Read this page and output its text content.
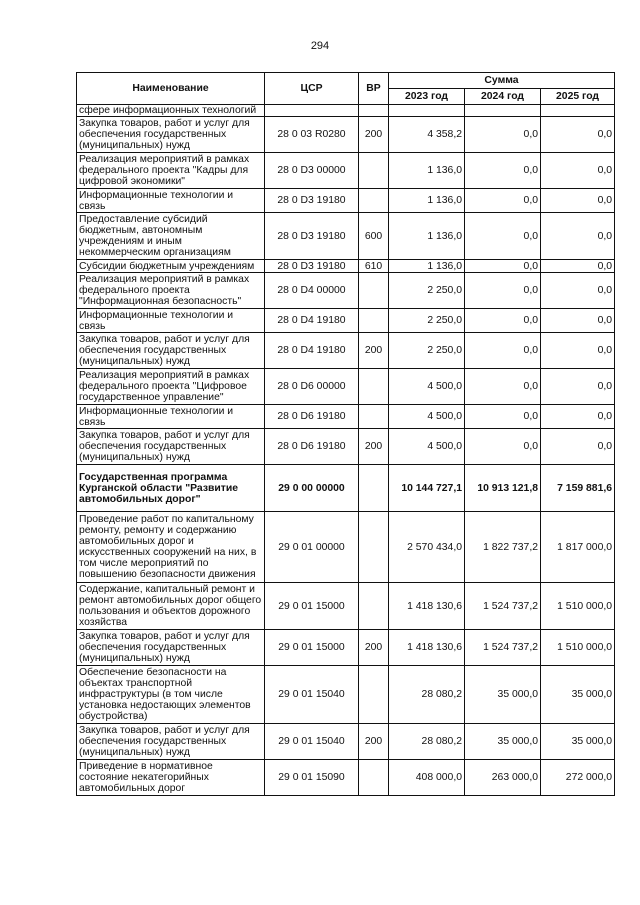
294
Наименование	ЦСР	ВР	Сумма		
			2023 год	2024 год	2025 год
сфере информационных технологий					
Закупка товаров, работ и услуг для обеспечения государственных (муниципальных) нужд	28 0 03 R0280	200	4 358,2	0,0	0,0
Реализация мероприятий в рамках федерального проекта "Кадры для цифровой экономики"	28 0 D3 00000		1 136,0	0,0	0,0
Информационные технологии и связь	28 0 D3 19180		1 136,0	0,0	0,0
Предоставление субсидий бюджетным, автономным учреждениям и иным некоммерческим организациям	28 0 D3 19180	600	1 136,0	0,0	0,0
Субсидии бюджетным учреждениям	28 0 D3 19180	610	1 136,0	0,0	0,0
Реализация мероприятий в рамках федерального проекта "Информационная безопасность"	28 0 D4 00000		2 250,0	0,0	0,0
Информационные технологии и связь	28 0 D4 19180		2 250,0	0,0	0,0
Закупка товаров, работ и услуг для обеспечения государственных (муниципальных) нужд	28 0 D4 19180	200	2 250,0	0,0	0,0
Реализация мероприятий в рамках федерального проекта "Цифровое государственное управление"	28 0 D6 00000		4 500,0	0,0	0,0
Информационные технологии и связь	28 0 D6 19180		4 500,0	0,0	0,0
Закупка товаров, работ и услуг для обеспечения государственных (муниципальных) нужд	28 0 D6 19180	200	4 500,0	0,0	0,0
Государственная программа Курганской области "Развитие автомобильных дорог"	29 0 00 00000		10 144 727,1	10 913 121,8	7 159 881,6
Проведение работ по капитальному ремонту, ремонту и содержанию автомобильных дорог и искусственных сооружений на них, в том числе мероприятий по повышению безопасности движения	29 0 01 00000		2 570 434,0	1 822 737,2	1 817 000,0
Содержание, капитальный ремонт и ремонт автомобильных дорог общего пользования и объектов дорожного хозяйства	29 0 01 15000		1 418 130,6	1 524 737,2	1 510 000,0
Закупка товаров, работ и услуг для обеспечения государственных (муниципальных) нужд	29 0 01 15000	200	1 418 130,6	1 524 737,2	1 510 000,0
Обеспечение безопасности на объектах транспортной инфраструктуры (в том числе установка недостающих элементов обустройства)	29 0 01 15040		28 080,2	35 000,0	35 000,0
Закупка товаров, работ и услуг для обеспечения государственных (муниципальных) нужд	29 0 01 15040	200	28 080,2	35 000,0	35 000,0
Приведение в нормативное состояние некатегорийных автомобильных дорог	29 0 01 15090		408 000,0	263 000,0	272 000,0
